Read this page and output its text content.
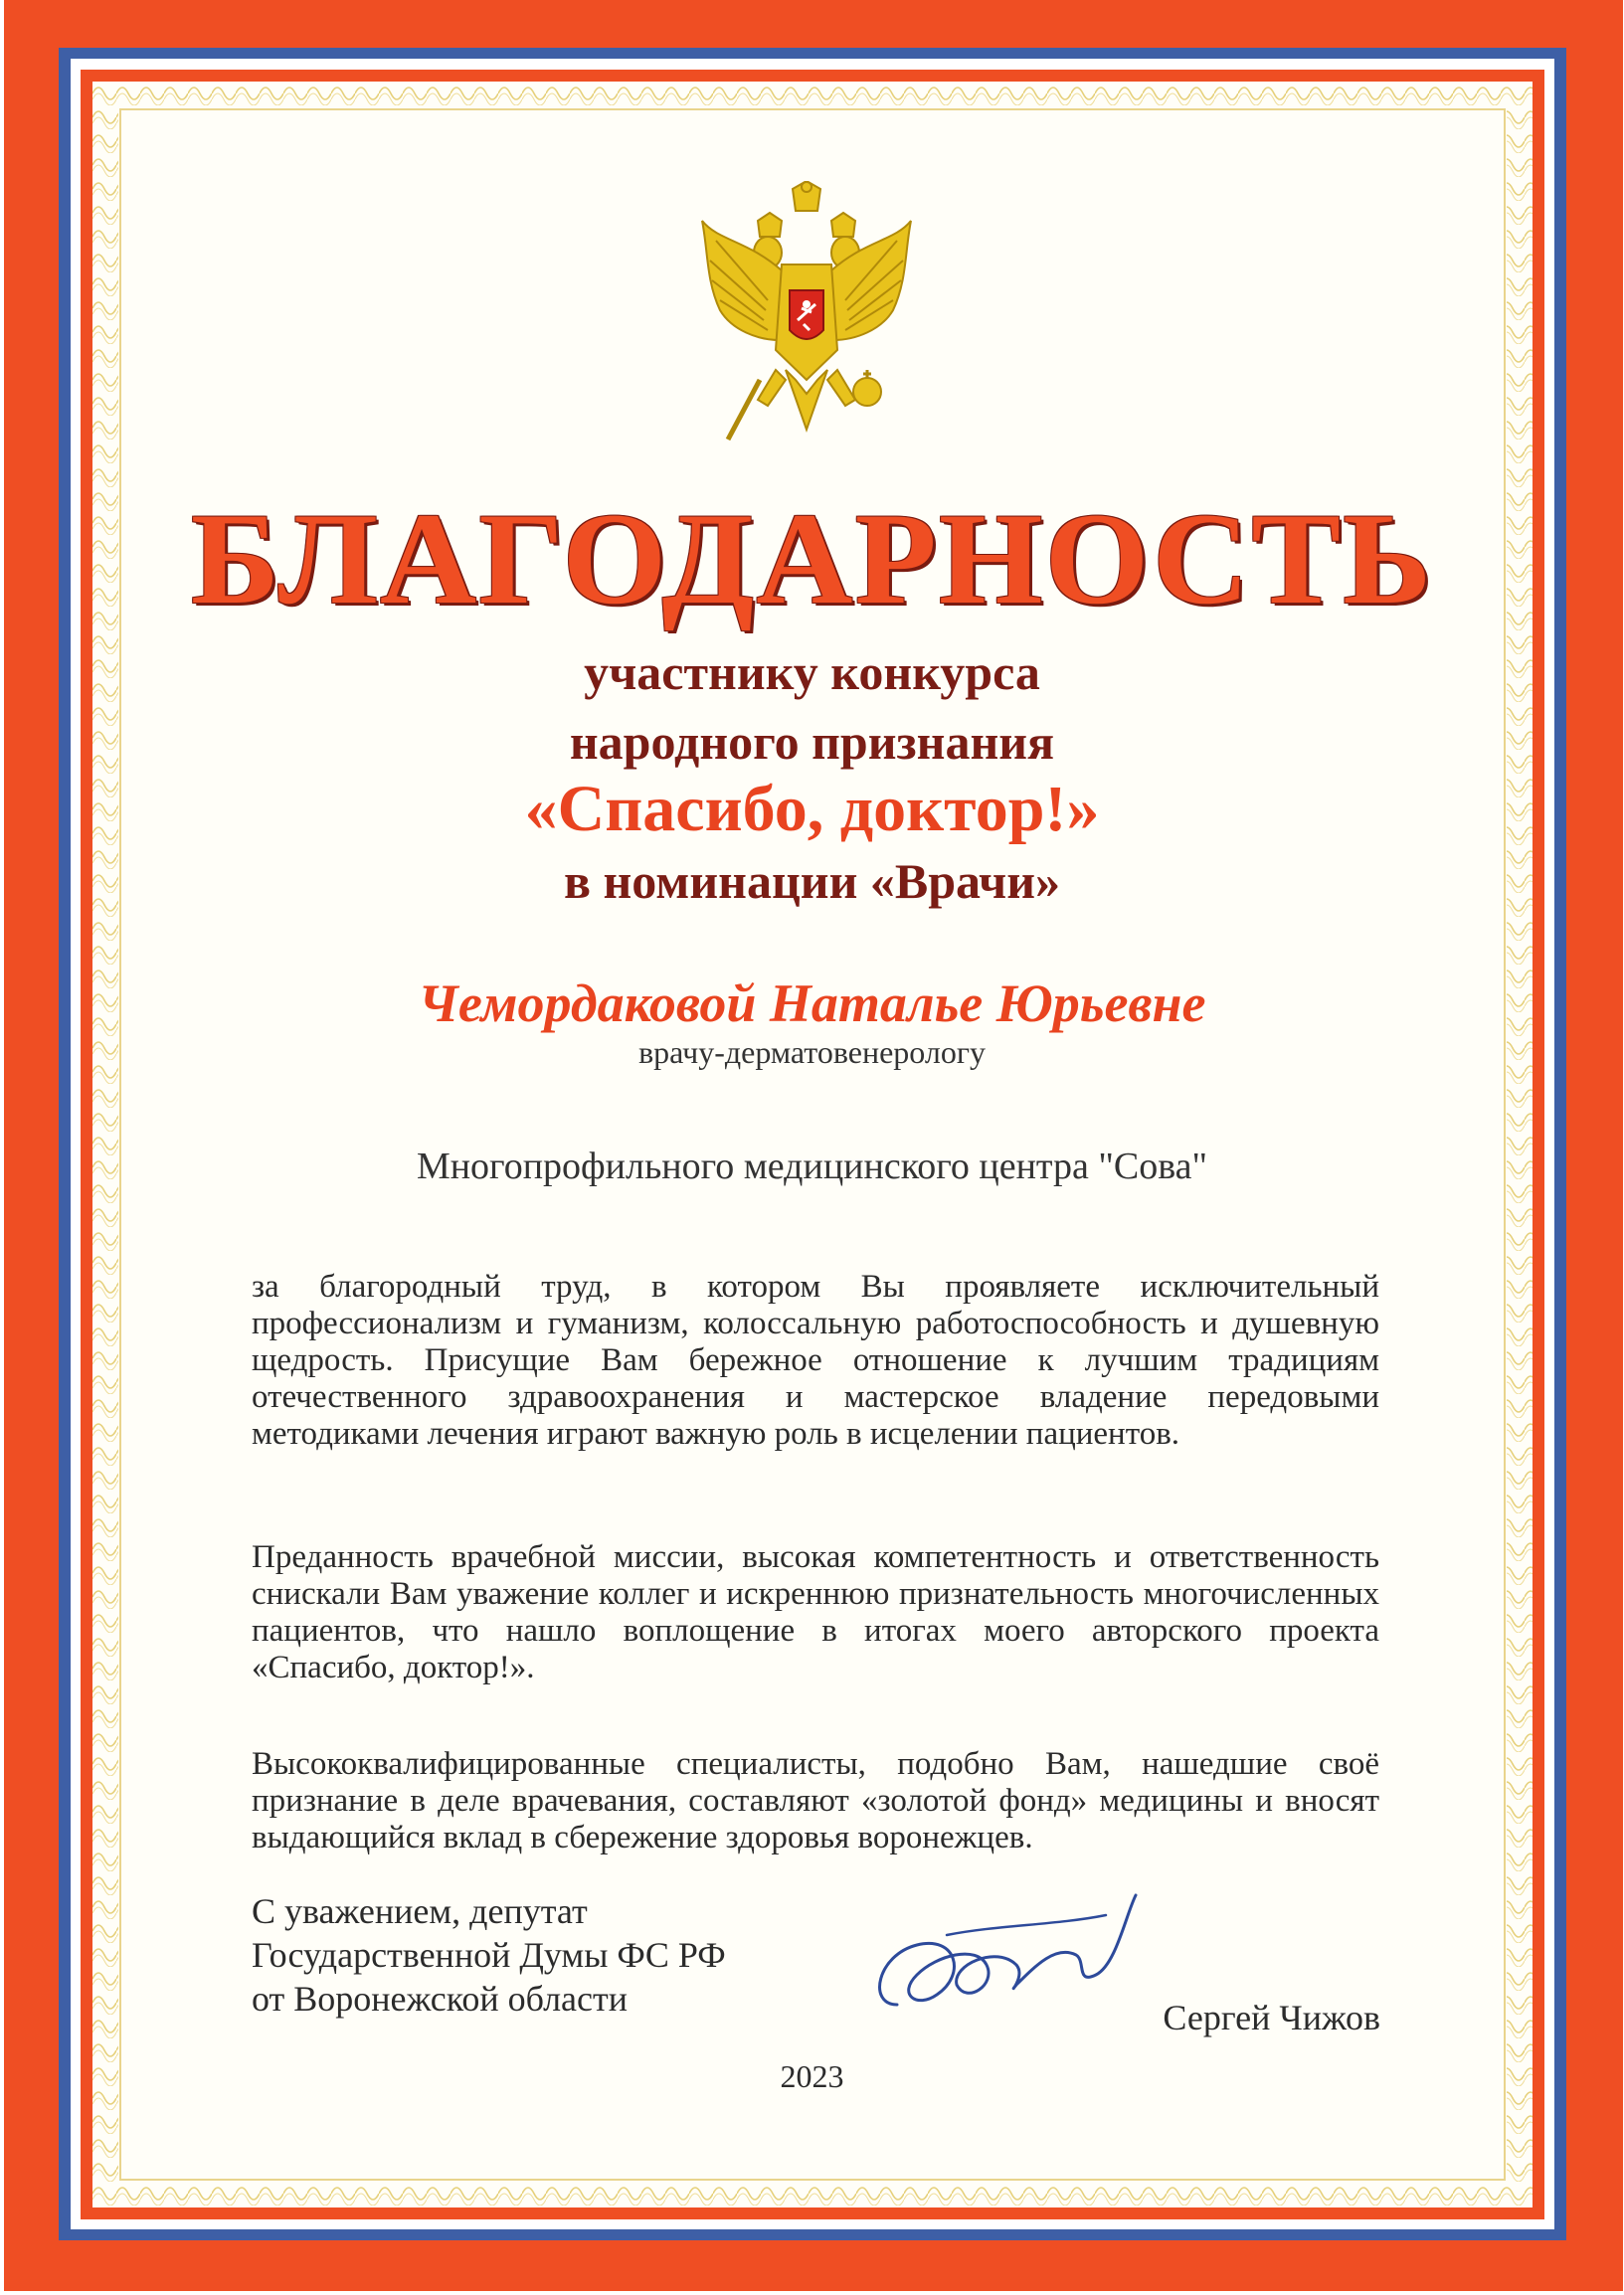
БЛАГОДАРНОСТЬ
участнику конкурса
народного признания
«Спасибо, доктор!»
в номинации «Врачи»
Чемордаковой Наталье Юрьевне
врачу-дерматовенерологу
Многопрофильного медицинского центра "Сова"
за благородный труд, в котором Вы проявляете исключительный профессионализм и гуманизм, колоссальную работоспособность и душевную щедрость. Присущие Вам бережное отношение к лучшим традициям отечественного здравоохранения и мастерское владение передовыми методиками лечения играют важную роль в исцелении пациентов.
Преданность врачебной миссии, высокая компетентность и ответственность снискали Вам уважение коллег и искреннюю признательность многочисленных пациентов, что нашло воплощение в итогах моего авторского проекта «Спасибо, доктор!».
Высококвалифицированные специалисты, подобно Вам, нашедшие своё признание в деле врачевания, составляют «золотой фонд» медицины и вносят выдающийся вклад в сбережение здоровья воронежцев.
С уважением, депутат
Государственной Думы ФС РФ
от Воронежской области	Сергей Чижов
2023
